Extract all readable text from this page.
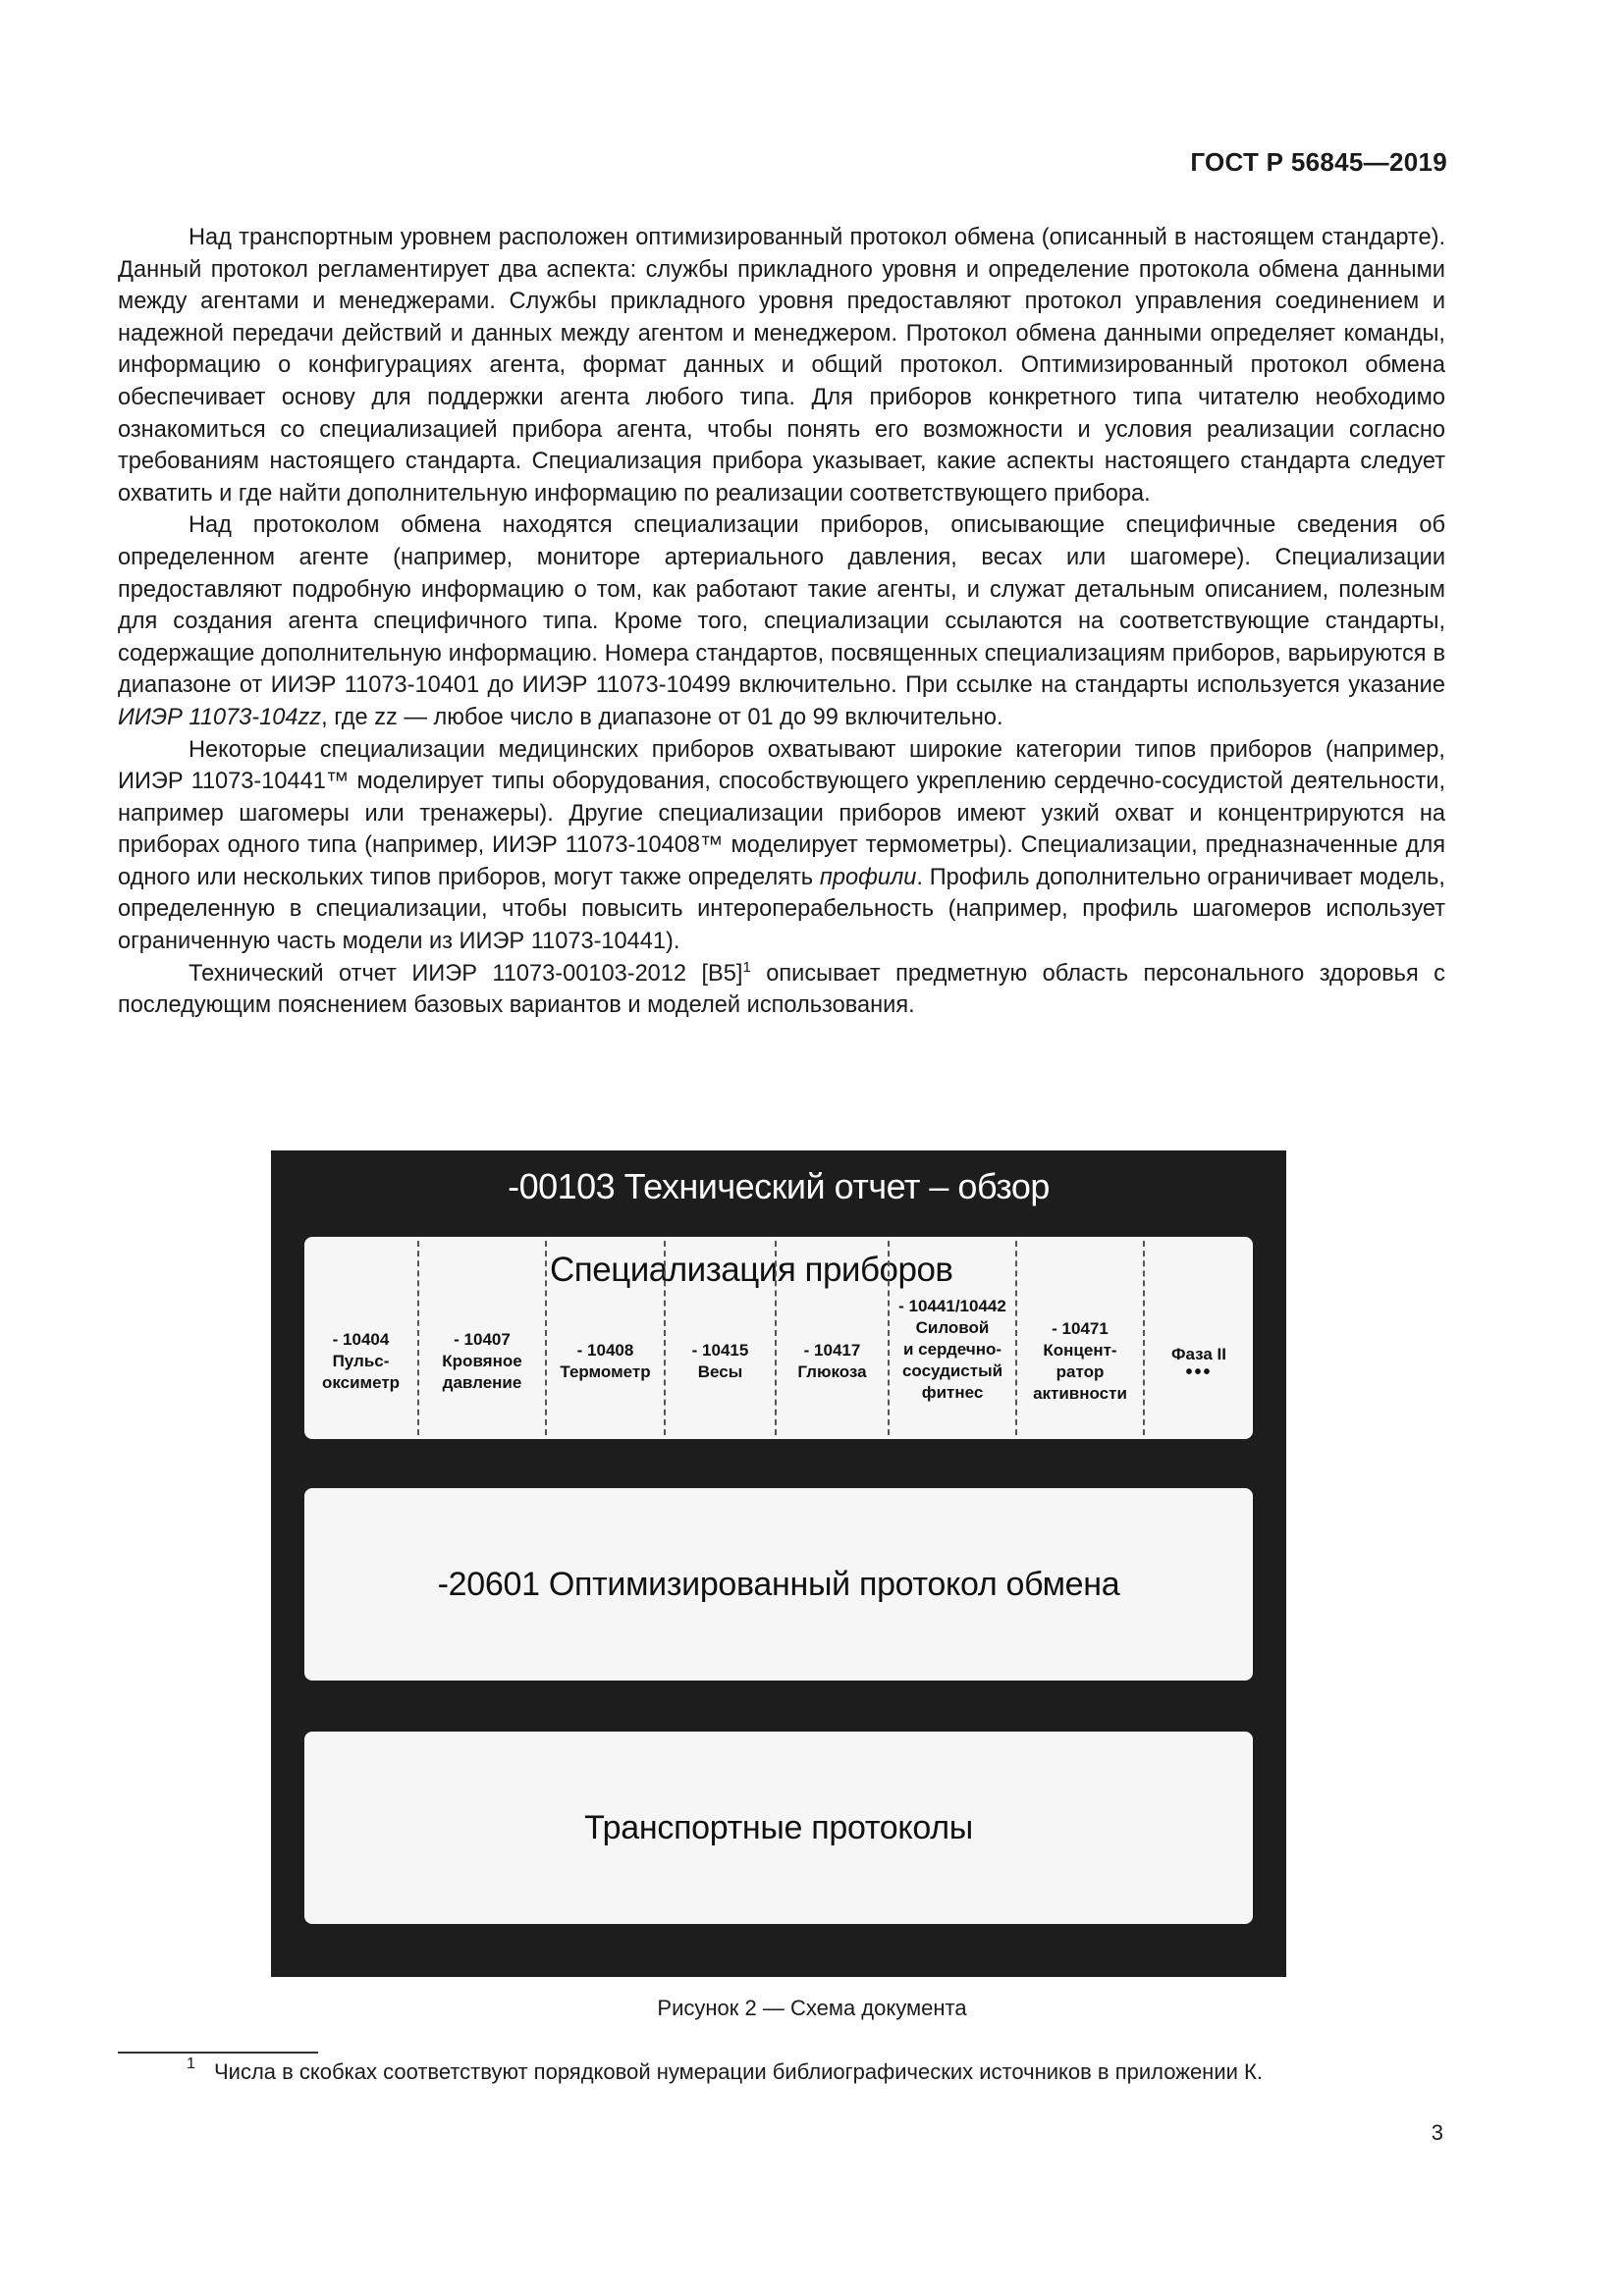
ГОСТ Р 56845—2019

Над транспортным уровнем расположен оптимизированный протокол обмена (описанный в настоящем стандарте). Данный протокол регламентирует два аспекта: службы прикладного уровня и определение протокола обмена данными между агентами и менеджерами. Службы прикладного уровня предоставляют протокол управления соединением и надежной передачи действий и данных между агентом и менеджером. Протокол обмена данными определяет команды, информацию о конфигурациях агента, формат данных и общий протокол. Оптимизированный протокол обмена обеспечивает основу для поддержки агента любого типа. Для приборов конкретного типа читателю необходимо ознакомиться со специализацией прибора агента, чтобы понять его возможности и условия реализации согласно требованиям настоящего стандарта. Специализация прибора указывает, какие аспекты настоящего стандарта следует охватить и где найти дополнительную информацию по реализации соответствующего прибора.

Над протоколом обмена находятся специализации приборов, описывающие специфичные сведения об определенном агенте (например, мониторе артериального давления, весах или шагомере). Специализации предоставляют подробную информацию о том, как работают такие агенты, и служат детальным описанием, полезным для создания агента специфичного типа. Кроме того, специализации ссылаются на соответствующие стандарты, содержащие дополнительную информацию. Номера стандартов, посвященных специализациям приборов, варьируются в диапазоне от ИИЭР 11073-10401 до ИИЭР 11073-10499 включительно. При ссылке на стандарты используется указание ИИЭР 11073-104zz, где zz — любое число в диапазоне от 01 до 99 включительно.

Некоторые специализации медицинских приборов охватывают широкие категории типов приборов (например, ИИЭР 11073-10441™ моделирует типы оборудования, способствующего укреплению сердечно-сосудистой деятельности, например шагомеры или тренажеры). Другие специализации приборов имеют узкий охват и концентрируются на приборах одного типа (например, ИИЭР 11073-10408™ моделирует термометры). Специализации, предназначенные для одного или нескольких типов приборов, могут также определять профили. Профиль дополнительно ограничивает модель, определенную в специализации, чтобы повысить интероперабельность (например, профиль шагомеров использует ограниченную часть модели из ИИЭР 11073-10441).

Технический отчет ИИЭР 11073-00103-2012 $[В5]^1$ описывает предметную область персонального здоровья с последующим пояснением базовых вариантов и моделей использования.

-00103 Технический отчет – обзор
Специализация приборов
- 10404
Пульс-
оксиметр
- 10407
Кровяное
давление
- 10408
Термометр
- 10415
Весы
- 10417
Глюкоза
- 10441/10442
Силовой
и сердечно-
сосудистый
фитнес
- 10471
Концент-
ратор
активности
Фаза II
•••
-20601 Оптимизированный протокол обмена
Транспортные протоколы
Рисунок 2 — Схема документа
1 Числа в скобках соответствуют порядковой нумерации библиографических источников в приложении К.
3
